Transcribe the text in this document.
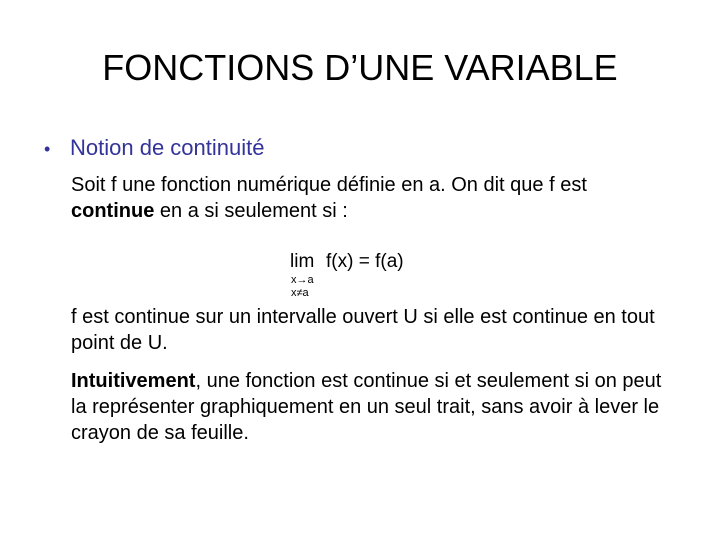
FONCTIONS D’UNE VARIABLE
• Notion de continuité

Soit f une fonction numérique définie en a. On dit que f est continue en a si seulement si :

lim f(x) = f(a)
x→a
x≠a

f est continue sur un intervalle ouvert U si elle est continue en tout point de U.

Intuitivement, une fonction est continue si et seulement si on peut la représenter graphiquement en un seul trait, sans avoir à lever le crayon de sa feuille.
